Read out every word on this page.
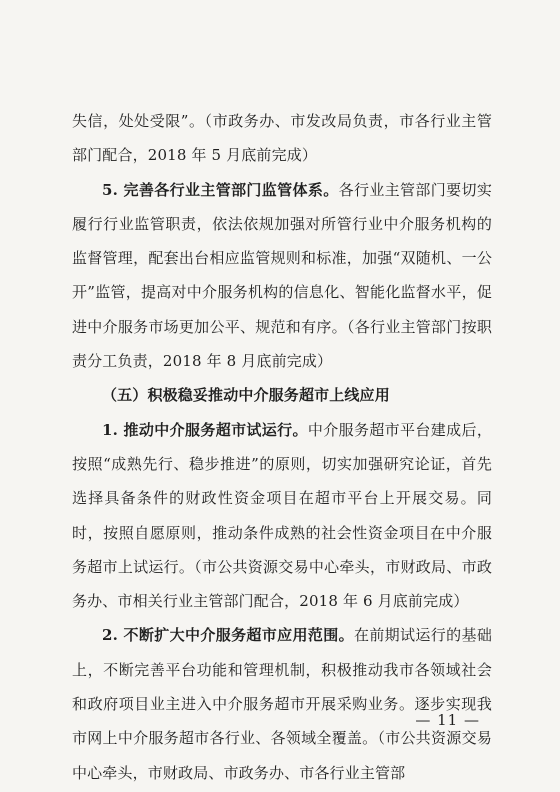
失信，处处受限”。（市政务办、市发改局负责，市各行业主管部门配合，2018 年 5 月底前完成）

5. 完善各行业主管部门监管体系。各行业主管部门要切实履行行业监管职责，依法依规加强对所管行业中介服务机构的监督管理，配套出台相应监管规则和标准，加强“双随机、一公开”监管，提高对中介服务机构的信息化、智能化监督水平，促进中介服务市场更加公平、规范和有序。（各行业主管部门按职责分工负责，2018 年 8 月底前完成）

（五）积极稳妥推动中介服务超市上线应用

1. 推动中介服务超市试运行。中介服务超市平台建成后，按照“成熟先行、稳步推进”的原则，切实加强研究论证，首先选择具备条件的财政性资金项目在超市平台上开展交易。同时，按照自愿原则，推动条件成熟的社会性资金项目在中介服务超市上试运行。（市公共资源交易中心牵头，市财政局、市政务办、市相关行业主管部门配合，2018 年 6 月底前完成）

2. 不断扩大中介服务超市应用范围。在前期试运行的基础上，不断完善平台功能和管理机制，积极推动我市各领域社会和政府项目业主进入中介服务超市开展采购业务。逐步实现我市网上中介服务超市各行业、各领域全覆盖。（市公共资源交易中心牵头，市财政局、市政务办、市各行业主管部

— 11 —
